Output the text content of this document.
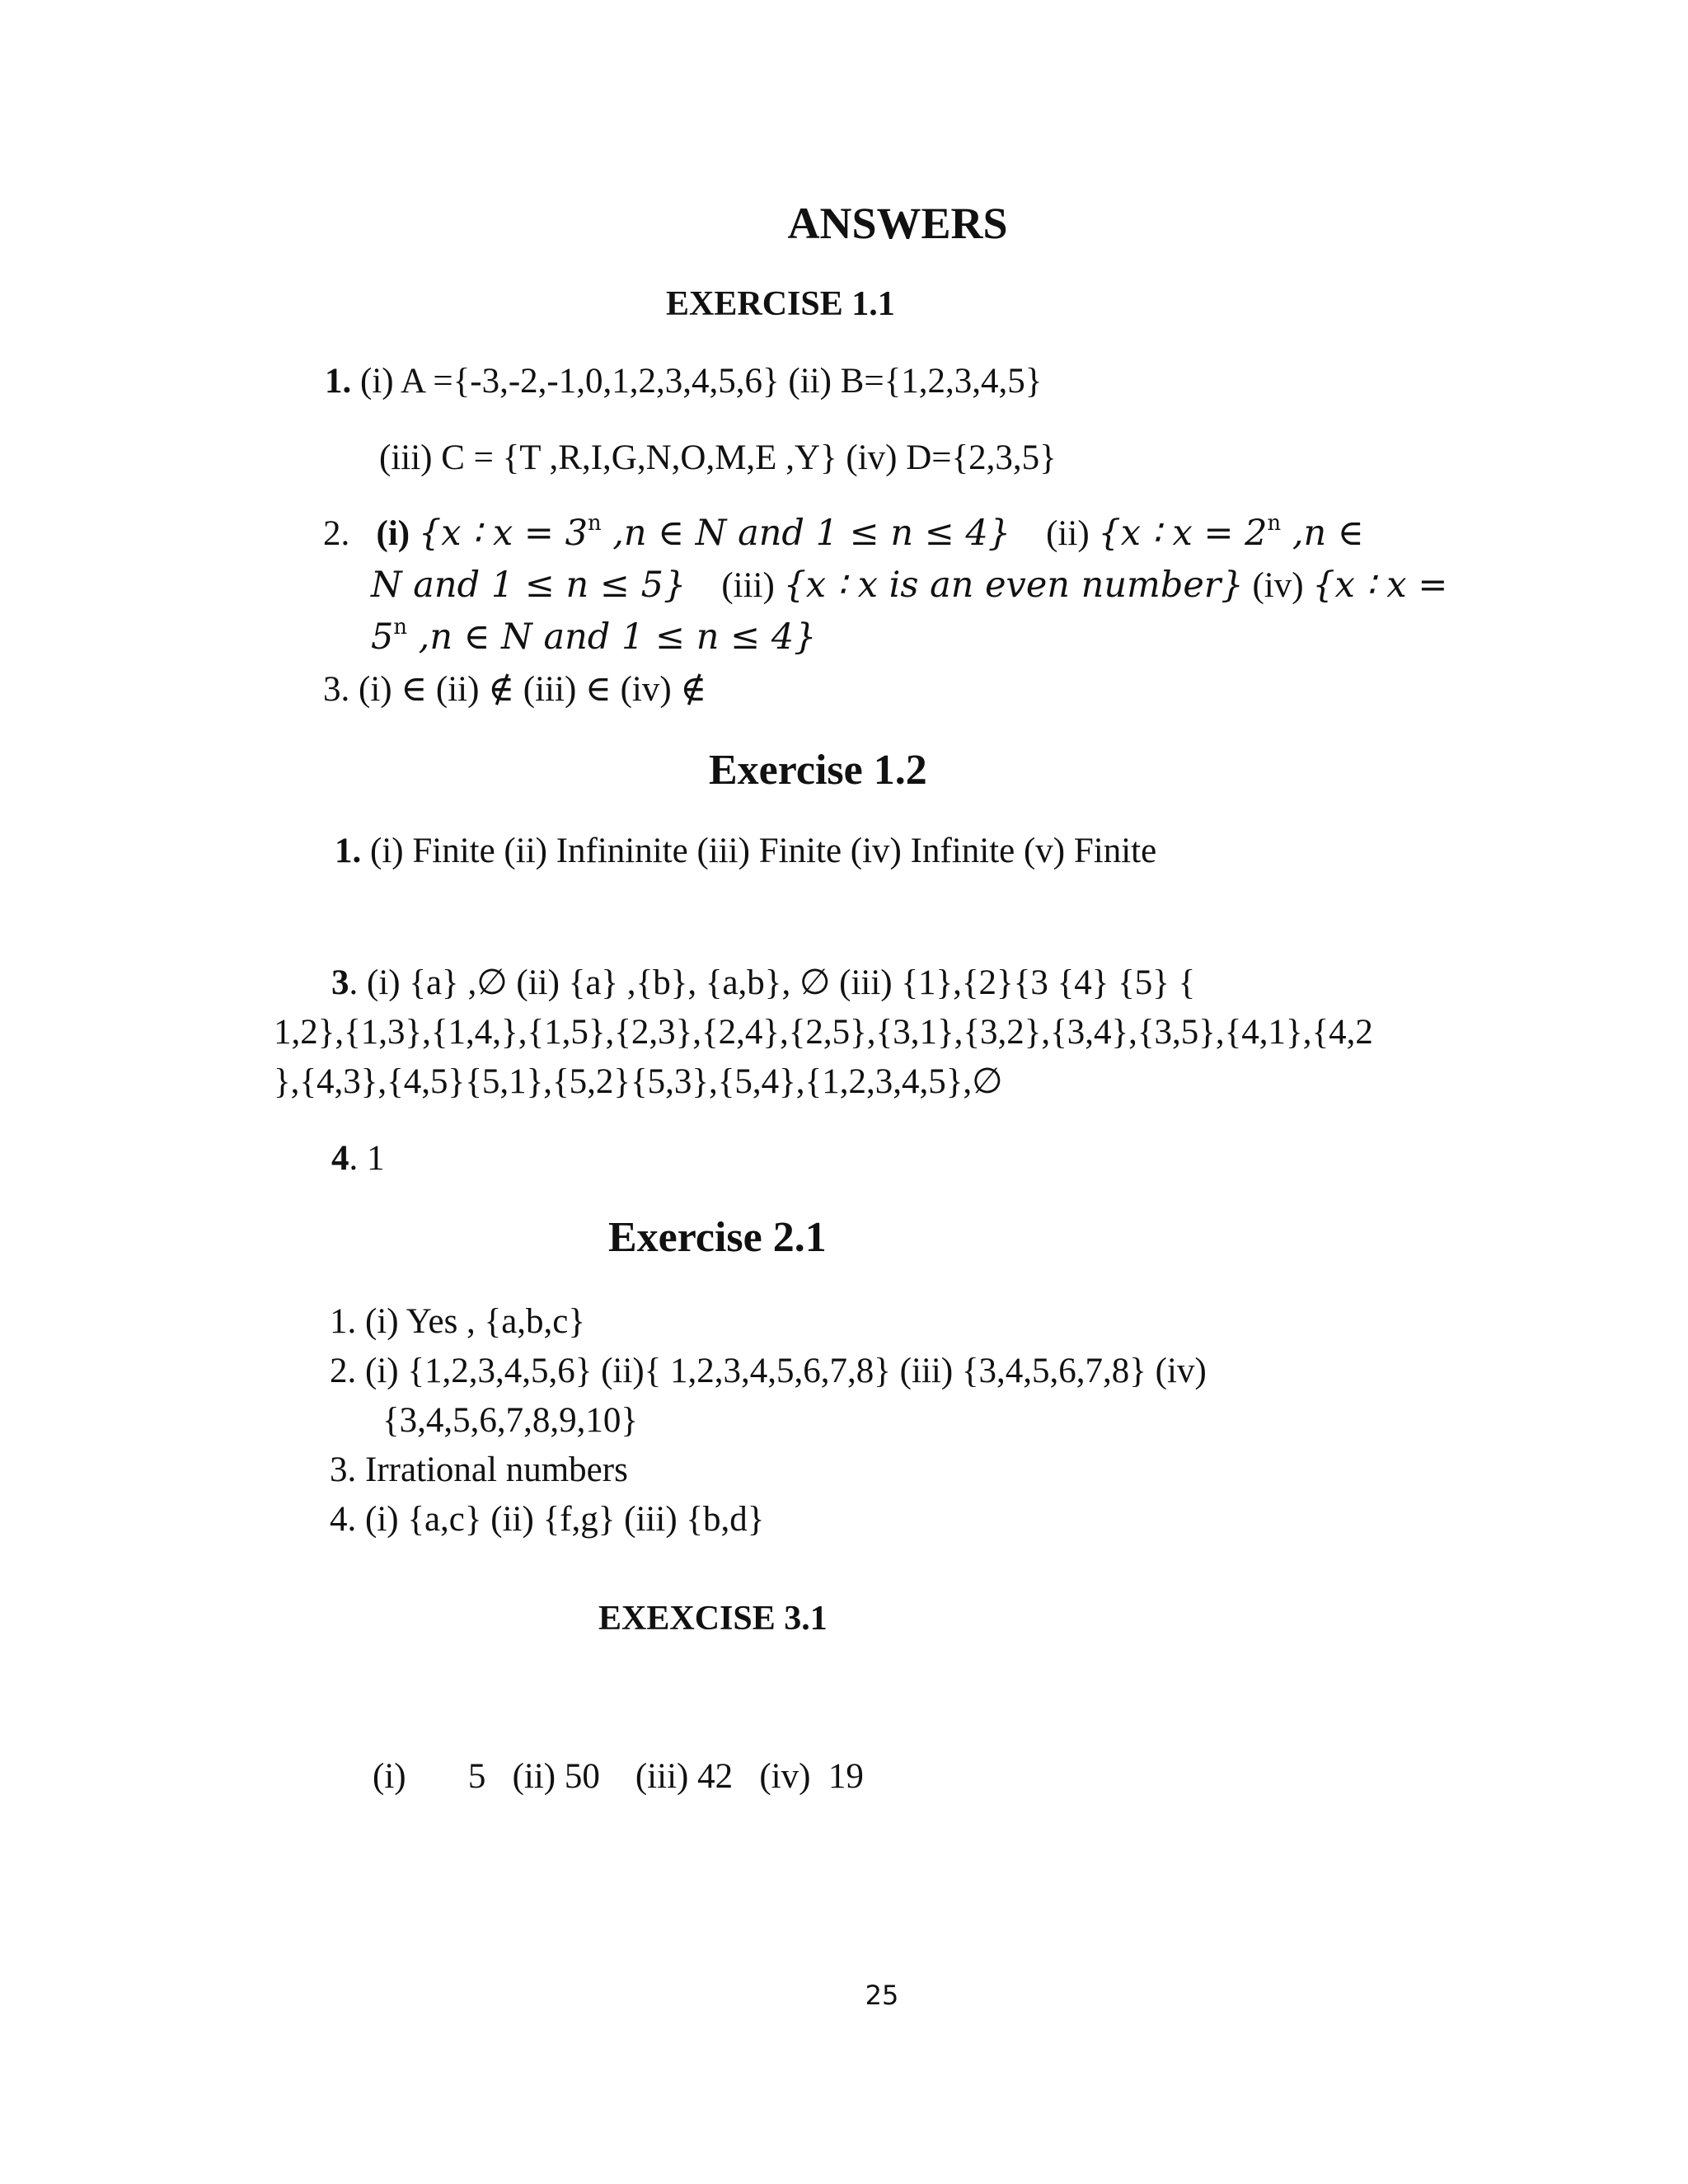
ANSWERS
EXERCISE 1.1
1. (i) A ={-3,-2,-1,0,1,2,3,4,5,6} (ii) B={1,2,3,4,5}
(iii) C = {T ,R,I,G,N,O,M,E ,Y} (iv) D={2,3,5}
2. (i) {x ∶ $x = 3^n$ ,n ∈ N and 1 ≤ n ≤ 4} (ii) {x ∶ $x = 2^n$ ,n ∈
N and 1 ≤ n ≤ 5} (iii) {x ∶ x is an even number} (iv) {x ∶ x =
$5^n$ ,n ∈ N and 1 ≤ n ≤ 4}
3. (i) ∈ (ii) ∉ (iii) ∈ (iv) ∉
Exercise 1.2
1. (i) Finite (ii) Infininite (iii) Finite (iv) Infinite (v) Finite
3. (i) {a} ,∅ (ii) {a} ,{b}, {a,b}, ∅ (iii) {1},{2}{3 {4} {5} {
1,2},{1,3},{1,4,},{1,5},{2,3},{2,4},{2,5},{3,1},{3,2},{3,4},{3,5},{4,1},{4,2
},{4,3},{4,5}{5,1},{5,2}{5,3},{5,4},{1,2,3,4,5},∅
4. 1
Exercise 2.1
1. (i) Yes , {a,b,c}
2. (i) {1,2,3,4,5,6} (ii){ 1,2,3,4,5,6,7,8} (iii) {3,4,5,6,7,8} (iv)
{3,4,5,6,7,8,9,10}
3. Irrational numbers
4. (i) {a,c} (ii) {f,g} (iii) {b,d}
EXEXCISE 3.1
(i)       5   (ii) 50    (iii) 42   (iv)  19
25
